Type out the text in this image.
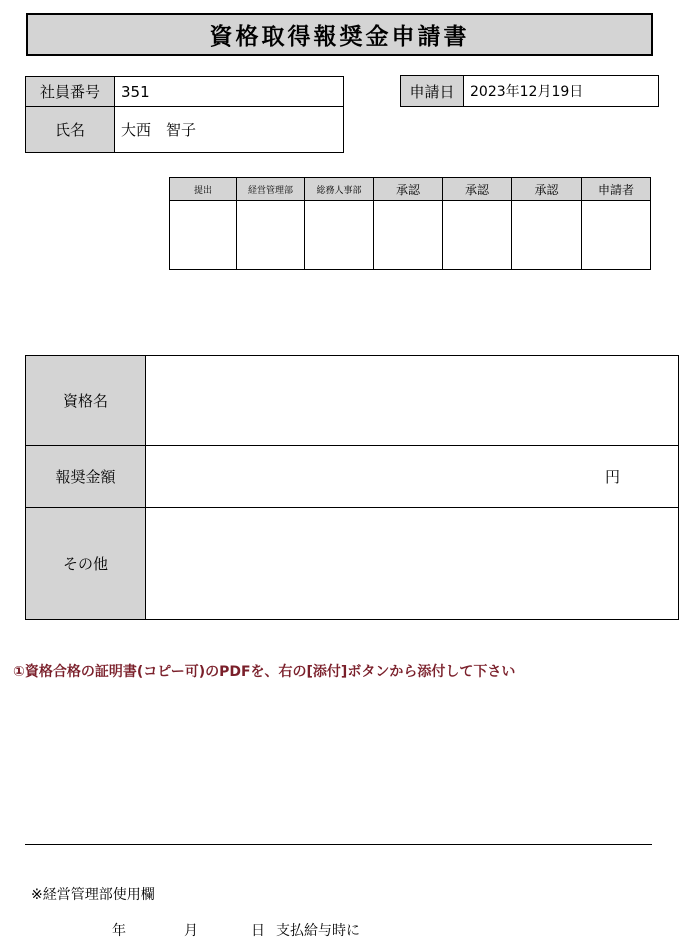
資格取得報奨金申請書
社員番号	351
氏名	大西　智子
申請日	2023年12月19日
提出	経営管理部	総務人事部	承認	承認	承認	申請者

資格名	
報奨金額	円
その他	
①資格合格の証明書(コピー可)のPDFを、右の[添付]ボタンから添付して下さい
※経営管理部使用欄
年	月	日 支払給与時に
